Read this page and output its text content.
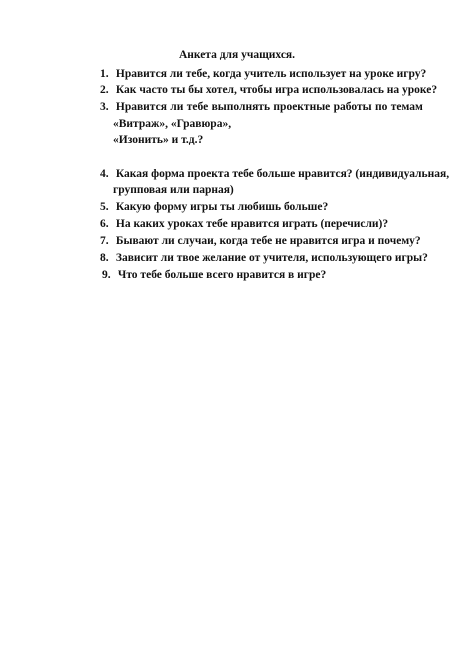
Анкета для учащихся.
1. Нравится ли тебе, когда учитель использует на уроке игру?
2. Как часто ты бы хотел, чтобы игра использовалась на уроке?
3. Нравится ли тебе выполнять проектные работы по темам
«Витраж», «Гравюра»,
«Изонить» и т.д.?
4. Какая форма проекта тебе больше нравится? (индивидуальная,
групповая или парная)
5. Какую форму игры ты любишь больше?
6. На каких уроках тебе нравится играть (перечисли)?
7. Бывают ли случаи, когда тебе не нравится игра и почему?
8. Зависит ли твое желание от учителя, использующего игры?
9. Что тебе больше всего нравится в игре?
